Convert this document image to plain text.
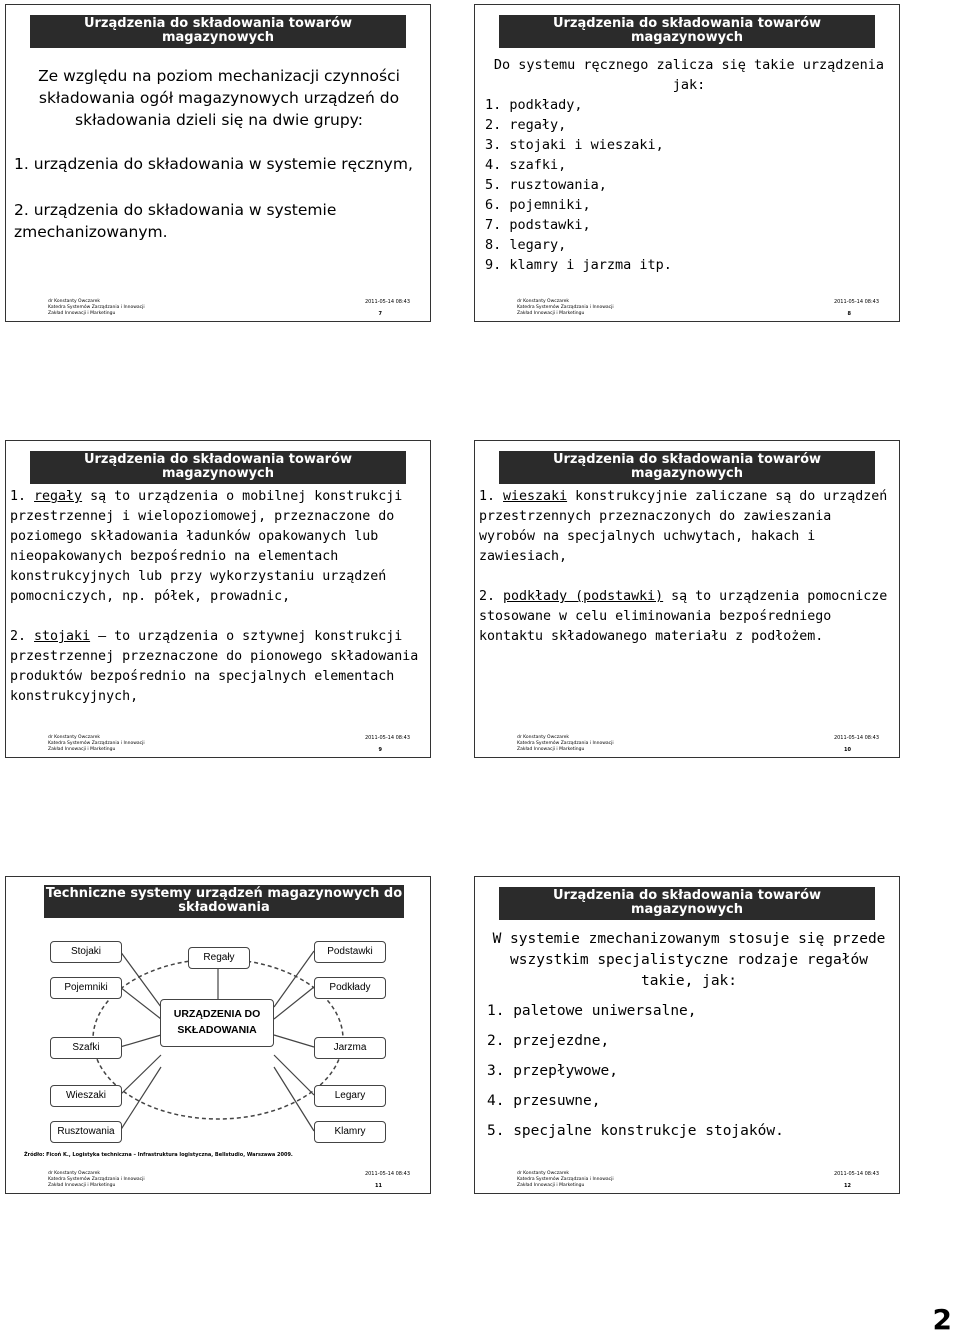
Urządzenia do składowania towarów magazynowych
Ze względu na poziom mechanizacji czynności składowania ogół magazynowych urządzeń do składowania dzieli się na dwie grupy:
1. urządzenia do składowania w systemie ręcznym,
2. urządzenia do składowania w systemie zmechanizowanym.
dr Konstanty Owczarek
Katedra Systemów Zarządzania i Innowacji
Zakład Innowacji i Marketingu
2011-05-14 08:43
7
Urządzenia do składowania towarów magazynowych
Do systemu ręcznego zalicza się takie urządzenia jak:
1. podkłady,
2. regały,
3. stojaki i wieszaki,
4. szafki,
5. rusztowania,
6. pojemniki,
7. podstawki,
8. legary,
9. klamry i jarzma itp.
dr Konstanty Owczarek
Katedra Systemów Zarządzania i Innowacji
Zakład Innowacji i Marketingu
2011-05-14 08:43
8
Urządzenia do składowania towarów magazynowych
1. regały są to urządzenia o mobilnej konstrukcji przestrzennej i wielopoziomowej, przeznaczone do poziomego składowania ładunków opakowanych lub nieopakowanych bezpośrednio na elementach konstrukcyjnych lub przy wykorzystaniu urządzeń pomocniczych, np. półek, prowadnic,
2. stojaki – to urządzenia o sztywnej konstrukcji przestrzennej przeznaczone do pionowego składowania produktów bezpośrednio na specjalnych elementach konstrukcyjnych,
dr Konstanty Owczarek
Katedra Systemów Zarządzania i Innowacji
Zakład Innowacji i Marketingu
2011-05-14 08:43
9
Urządzenia do składowania towarów magazynowych
1. wieszaki konstrukcyjnie zaliczane są do urządzeń przestrzennych przeznaczonych do zawieszania wyrobów na specjalnych uchwytach, hakach i zawiesiach,
2. podkłady (podstawki) są to urządzenia pomocnicze stosowane w celu eliminowania bezpośredniego kontaktu składowanego materiału z podłożem.
dr Konstanty Owczarek
Katedra Systemów Zarządzania i Innowacji
Zakład Innowacji i Marketingu
2011-05-14 08:43
10
Techniczne systemy urządzeń magazynowych do składowania
Regały
URZĄDZENIA DO SKŁADOWANIA
Stojaki
Pojemniki
Szafki
Wieszaki
Rusztowania
Podstawki
Podkłady
Jarzma
Legary
Klamry
dr Konstanty Owczarek
Katedra Systemów Zarządzania i Innowacji
Zakład Innowacji i Marketingu
2011-05-14 08:43
11
Źródło: Ficoń K., Logistyka techniczna – Infrastruktura logistyczna, Bellstudio, Warszawa 2009.
Urządzenia do składowania towarów magazynowych
W systemie zmechanizowanym stosuje się przede wszystkim specjalistyczne rodzaje regałów takie, jak:
1. paletowe uniwersalne,
2. przejezdne,
3. przepływowe,
4. przesuwne,
5. specjalne konstrukcje stojaków.
dr Konstanty Owczarek
Katedra Systemów Zarządzania i Innowacji
Zakład Innowacji i Marketingu
2011-05-14 08:43
12
2
